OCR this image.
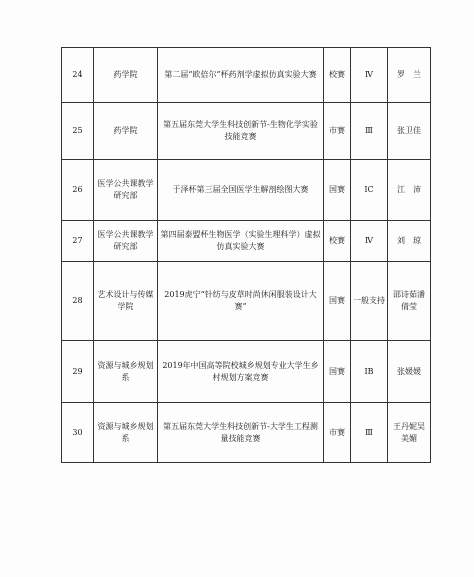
24	药学院	第二届“欧倍尔”杯药剂学虚拟仿真实验大赛	校赛	Ⅳ	罗　兰
25	药学院	第五届东莞大学生科技创新节-生物化学实验技能竞赛	市赛	Ⅲ	张卫佳
26	医学公共课教学研究部	于泽杯第三届全国医学生解剖绘图大赛	国赛	ⅠC	江　沛
27	医学公共课教学研究部	第四届泰盟杯生物医学（实验生理科学）虚拟仿真实验大赛	校赛	Ⅳ	刘　琼
28	艺术设计与传媒学院	2019虎宁“针纺与皮草时尚休闲服装设计大赛”	国赛	一般支持	邵诗茹潘倩莹
29	资源与城乡规划系	2019年中国高等院校城乡规划专业大学生乡村规划方案竞赛	国赛	ⅠB	张媛媛
30	资源与城乡规划系	第五届东莞大学生科技创新节-大学生工程测量技能竞赛	市赛	Ⅲ	王丹妮吴美媚
